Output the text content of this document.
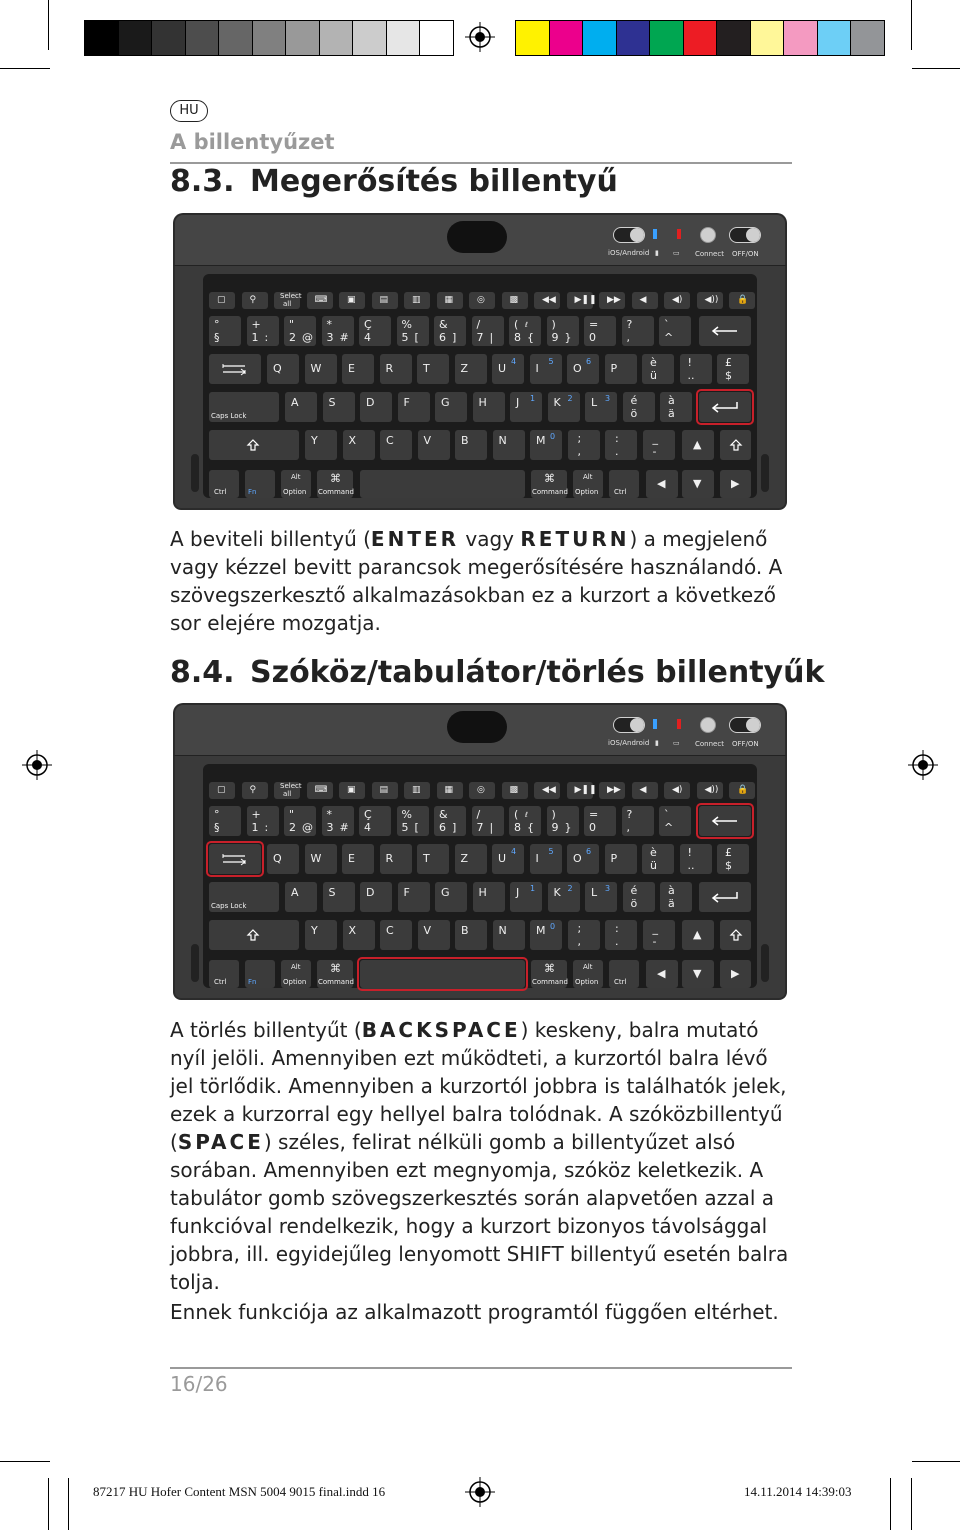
HU
A billentyűzet
8.3. Megerősítés billentyű
iOS/Android ▮ ▭ Connect OFF/ON
▢	⚲	Select
all	⌨ ▣	▤	▥	▦	◎	▩	◀◀ ▶❚❚ ▶▶ ◀	◀) ◀)) 🔒
°
§
+
1 :
"
2 @
*
3 #
Ç
4
%
5 [
&
6 ]
/
7 |
(
8 {
ℓ )
9 }
=
0
?
,
`
^
Q	W E	R	T	Z	U
4
I
5
O
6
P	è
ü
!
..
£
$
Caps Lock
A	S	D	F	G	H	J 1 K 2 L 3 é
ö
à
ä
Y	X	C	V	B	N	M 0 ;
,
:
.
_
-
▲
Ctrl	Fn
Alt
Option
⌘
Command
⌘
Command
Alt
Option Ctrl
◀	▼	▶

A beviteli billentyű (ENTER vagy RETURN) a megjelenő vagy kézzel bevitt parancsok megerősítésére használandó. A szövegszerkesztő alkalmazásokban ez a kurzort a következő sor elejére mozgatja.

8.4. Szóköz/tabulátor/törlés billentyűk
iOS/Android ▮ ▭ Connect OFF/ON
▢	⚲	Select
all	⌨ ▣	▤	▥	▦	◎	▩	◀◀ ▶❚❚ ▶▶ ◀	◀) ◀)) 🔒
°
§
+
1 :
"
2 @
*
3 #
Ç
4
%
5 [
&
6 ]
/
7 |
(
8 {
ℓ )
9 }
=
0
?
,
`
^
Q	W E	R	T	Z	U
4
I
5
O
6
P	è
ü
!
..
£
$
Caps Lock
A	S	D	F	G	H	J 1 K 2 L 3 é
ö
à
ä
Y	X	C	V	B	N	M 0 ;
,
:
.
_
-
▲
Ctrl	Fn
Alt
Option
⌘
Command
⌘
Command
Alt
Option Ctrl
◀	▼	▶

A törlés billentyűt (BACKSPACE) keskeny, balra mutató nyíl jelöli. Amennyiben ezt működteti, a kurzortól balra lévő jel törlődik. Amennyiben a kurzortól jobbra is találhatók jelek, ezek a kurzorral egy hellyel balra tolódnak. A szóközbillentyű (SPACE) széles, felirat nélküli gomb a billentyűzet alsó sorában. Amennyiben ezt megnyomja, szóköz keletkezik. A tabulátor gomb szövegszerkesztés során alapvetően azzal a funkcióval rendelkezik, hogy a kurzort bizonyos távolsággal jobbra, ill. egyidejűleg lenyomott SHIFT billentyű esetén balra tolja.

Ennek funkciója az alkalmazott programtól függően eltérhet.

16/26
87217 HU Hofer Content MSN 5004 9015 final.indd 16	14.11.2014 14:39:03
